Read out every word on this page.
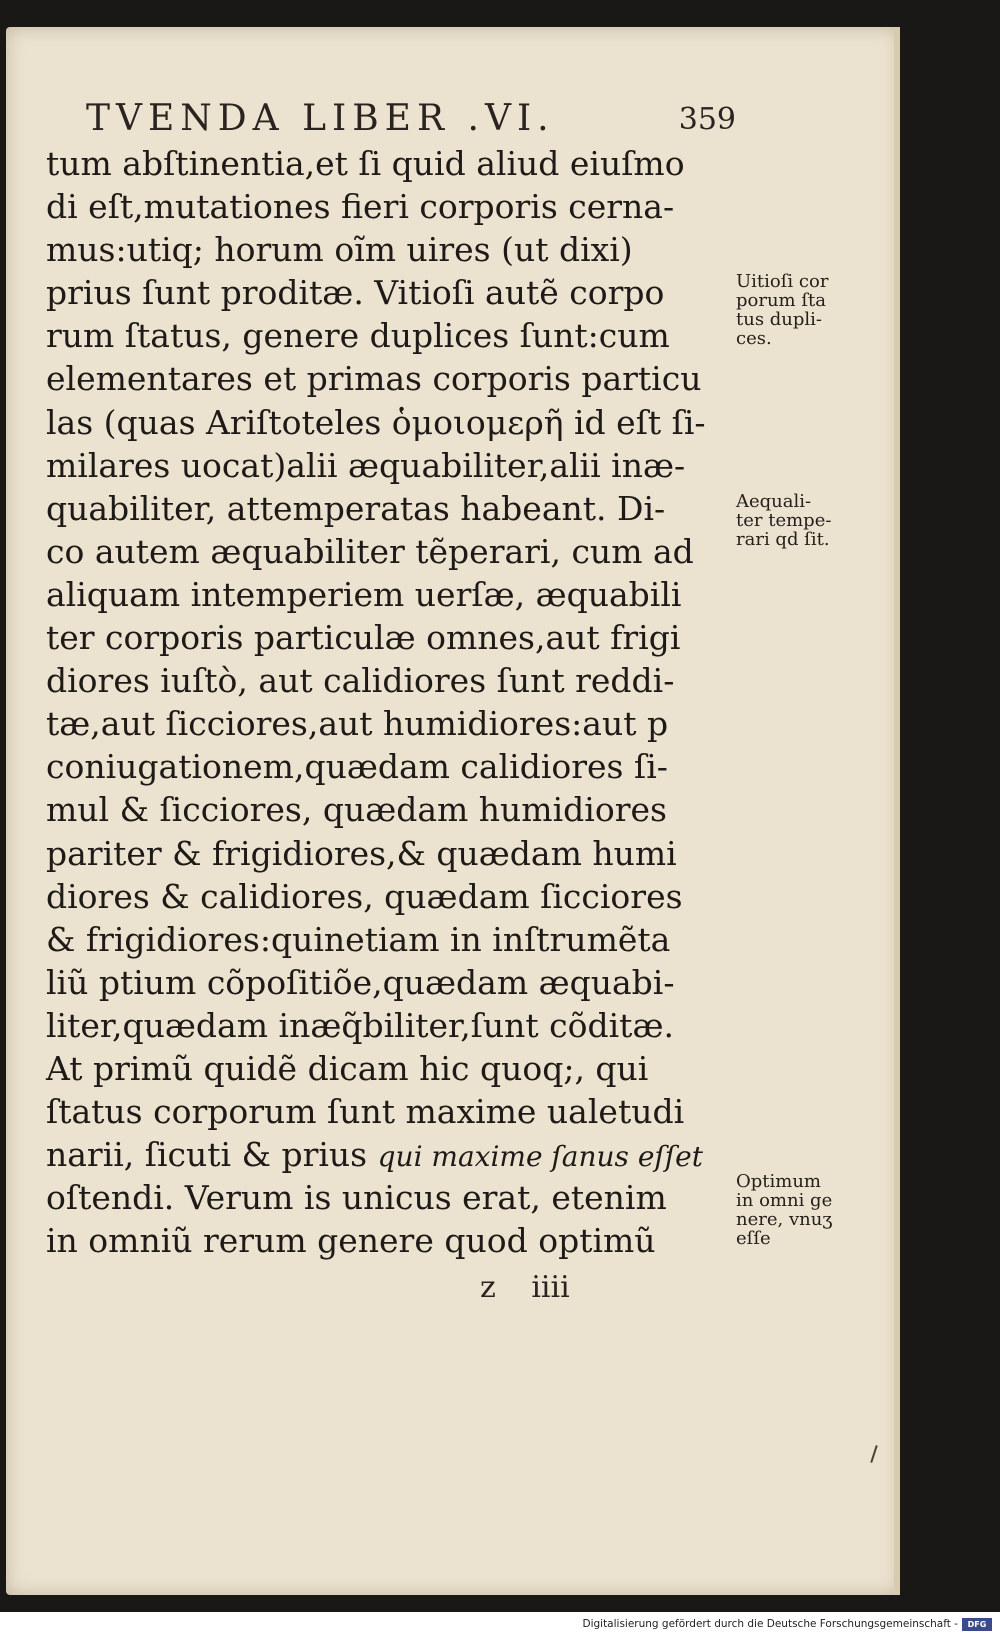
TVENDA LIBER .VI.	359
tum abſtinentia,et ſi quid aliud eiuſmo
di eſt,mutationes fieri corporis cerna-
mus:utiq; horum oı̃m uires (ut dixi)
prius ſunt proditæ. Vitioſi autẽ corpo
rum ſtatus, genere duplices ſunt:cum
elementares et primas corporis particu
las (quas Ariſtoteles ὁμοιομερῆ id eſt ſi-
milares uocat)alii æquabiliter,alii inæ-
quabiliter, attemperatas habeant. Di-
co autem æquabiliter tẽperari, cum ad
aliquam intemperiem uerſæ, æquabili
ter corporis particulæ omnes,aut frigi
diores iuſtò, aut calidiores ſunt reddi-
tæ,aut ſicciores,aut humidiores:aut p
coniugationem,quædam calidiores ſi-
mul & ſicciores, quædam humidiores
pariter & frigidiores,& quædam humi
diores & calidiores, quædam ſicciores
& frigidiores:quinetiam in inſtrumẽta
liũ ptium cõpoſitiõe,quædam æquabi-
liter,quædam inæq̃biliter,ſunt cõditæ.
At primũ quidẽ dicam hic quoq;, qui
ſtatus corporum ſunt maxime ualetudi
narii, ſicuti & prius qui maxime ſanus eſſet
oſtendi. Verum is unicus erat, etenim
in omniũ rerum genere quod optimũ
Uitioſi cor
porum ſta
tus dupli-
ces.
Aequali-
ter tempe-
rari qd ſit.
Optimum
in omni ge
nere, vnuʒ
eſſe
z iiii
Digitalisierung gefördert durch die Deutsche Forschungsgemeinschaft -	DFG
